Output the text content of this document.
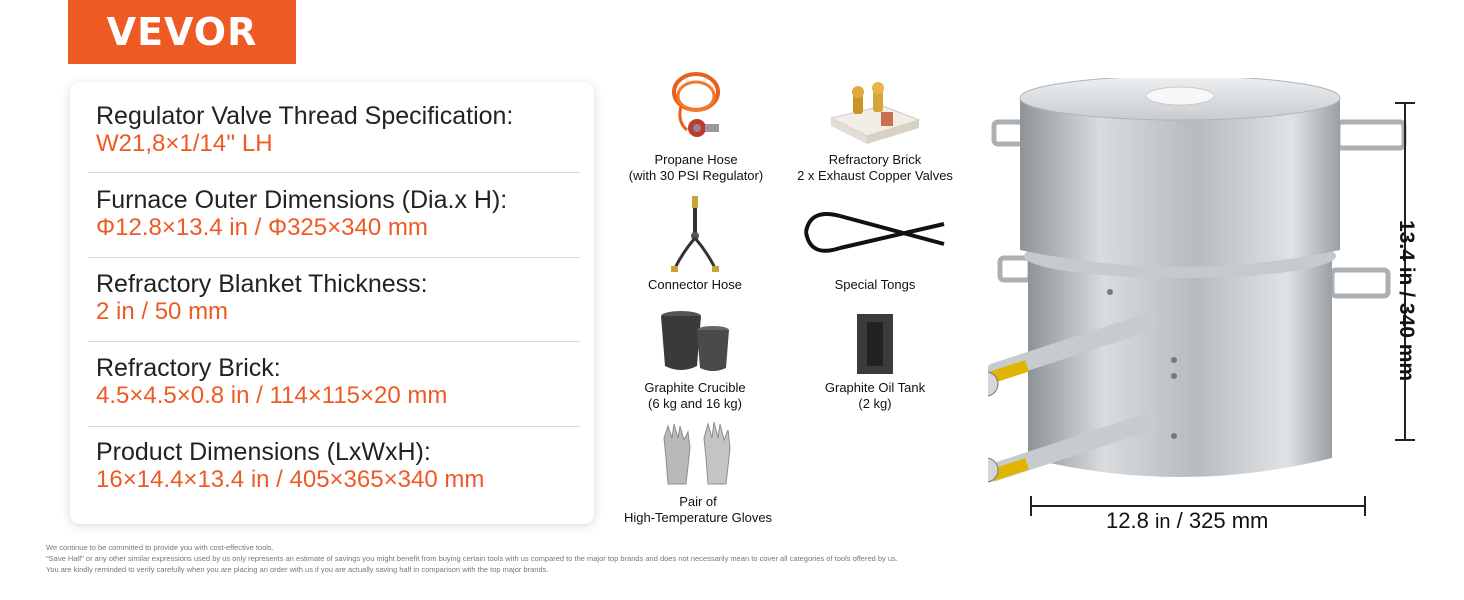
VEVOR
Regulator Valve Thread Specification:
W21,8×1/14'' LH
Furnace Outer Dimensions (Dia.x H):
Φ12.8×13.4 in / Φ325×340 mm
Refractory Blanket Thickness:
2 in / 50 mm
Refractory Brick:
4.5×4.5×0.8 in / 114×115×20 mm
Product Dimensions (LxWxH):
16×14.4×13.4 in / 405×365×340 mm
Propane Hose
(with 30 PSI Regulator)
Refractory Brick
2 x Exhaust Copper Valves
Connector Hose	Special Tongs
Graphite Crucible
(6 kg and 16 kg)
Graphite Oil Tank
(2 kg)
Pair of
High-Temperature Gloves
13.4 in / 340 mm
12.8 in / 325 mm
We continue to be committed to provide you with cost-effective tools.
"Save Half" or any other similar expressions used by us only represents an estimate of savings you might benefit from buying certain tools with us compared to the major top brands and does not necessarily mean to cover all categories of tools offered by us.
You are kindly reminded to verify carefully when you are placing an order with us if you are actually saving half in comparison with the top major brands.
